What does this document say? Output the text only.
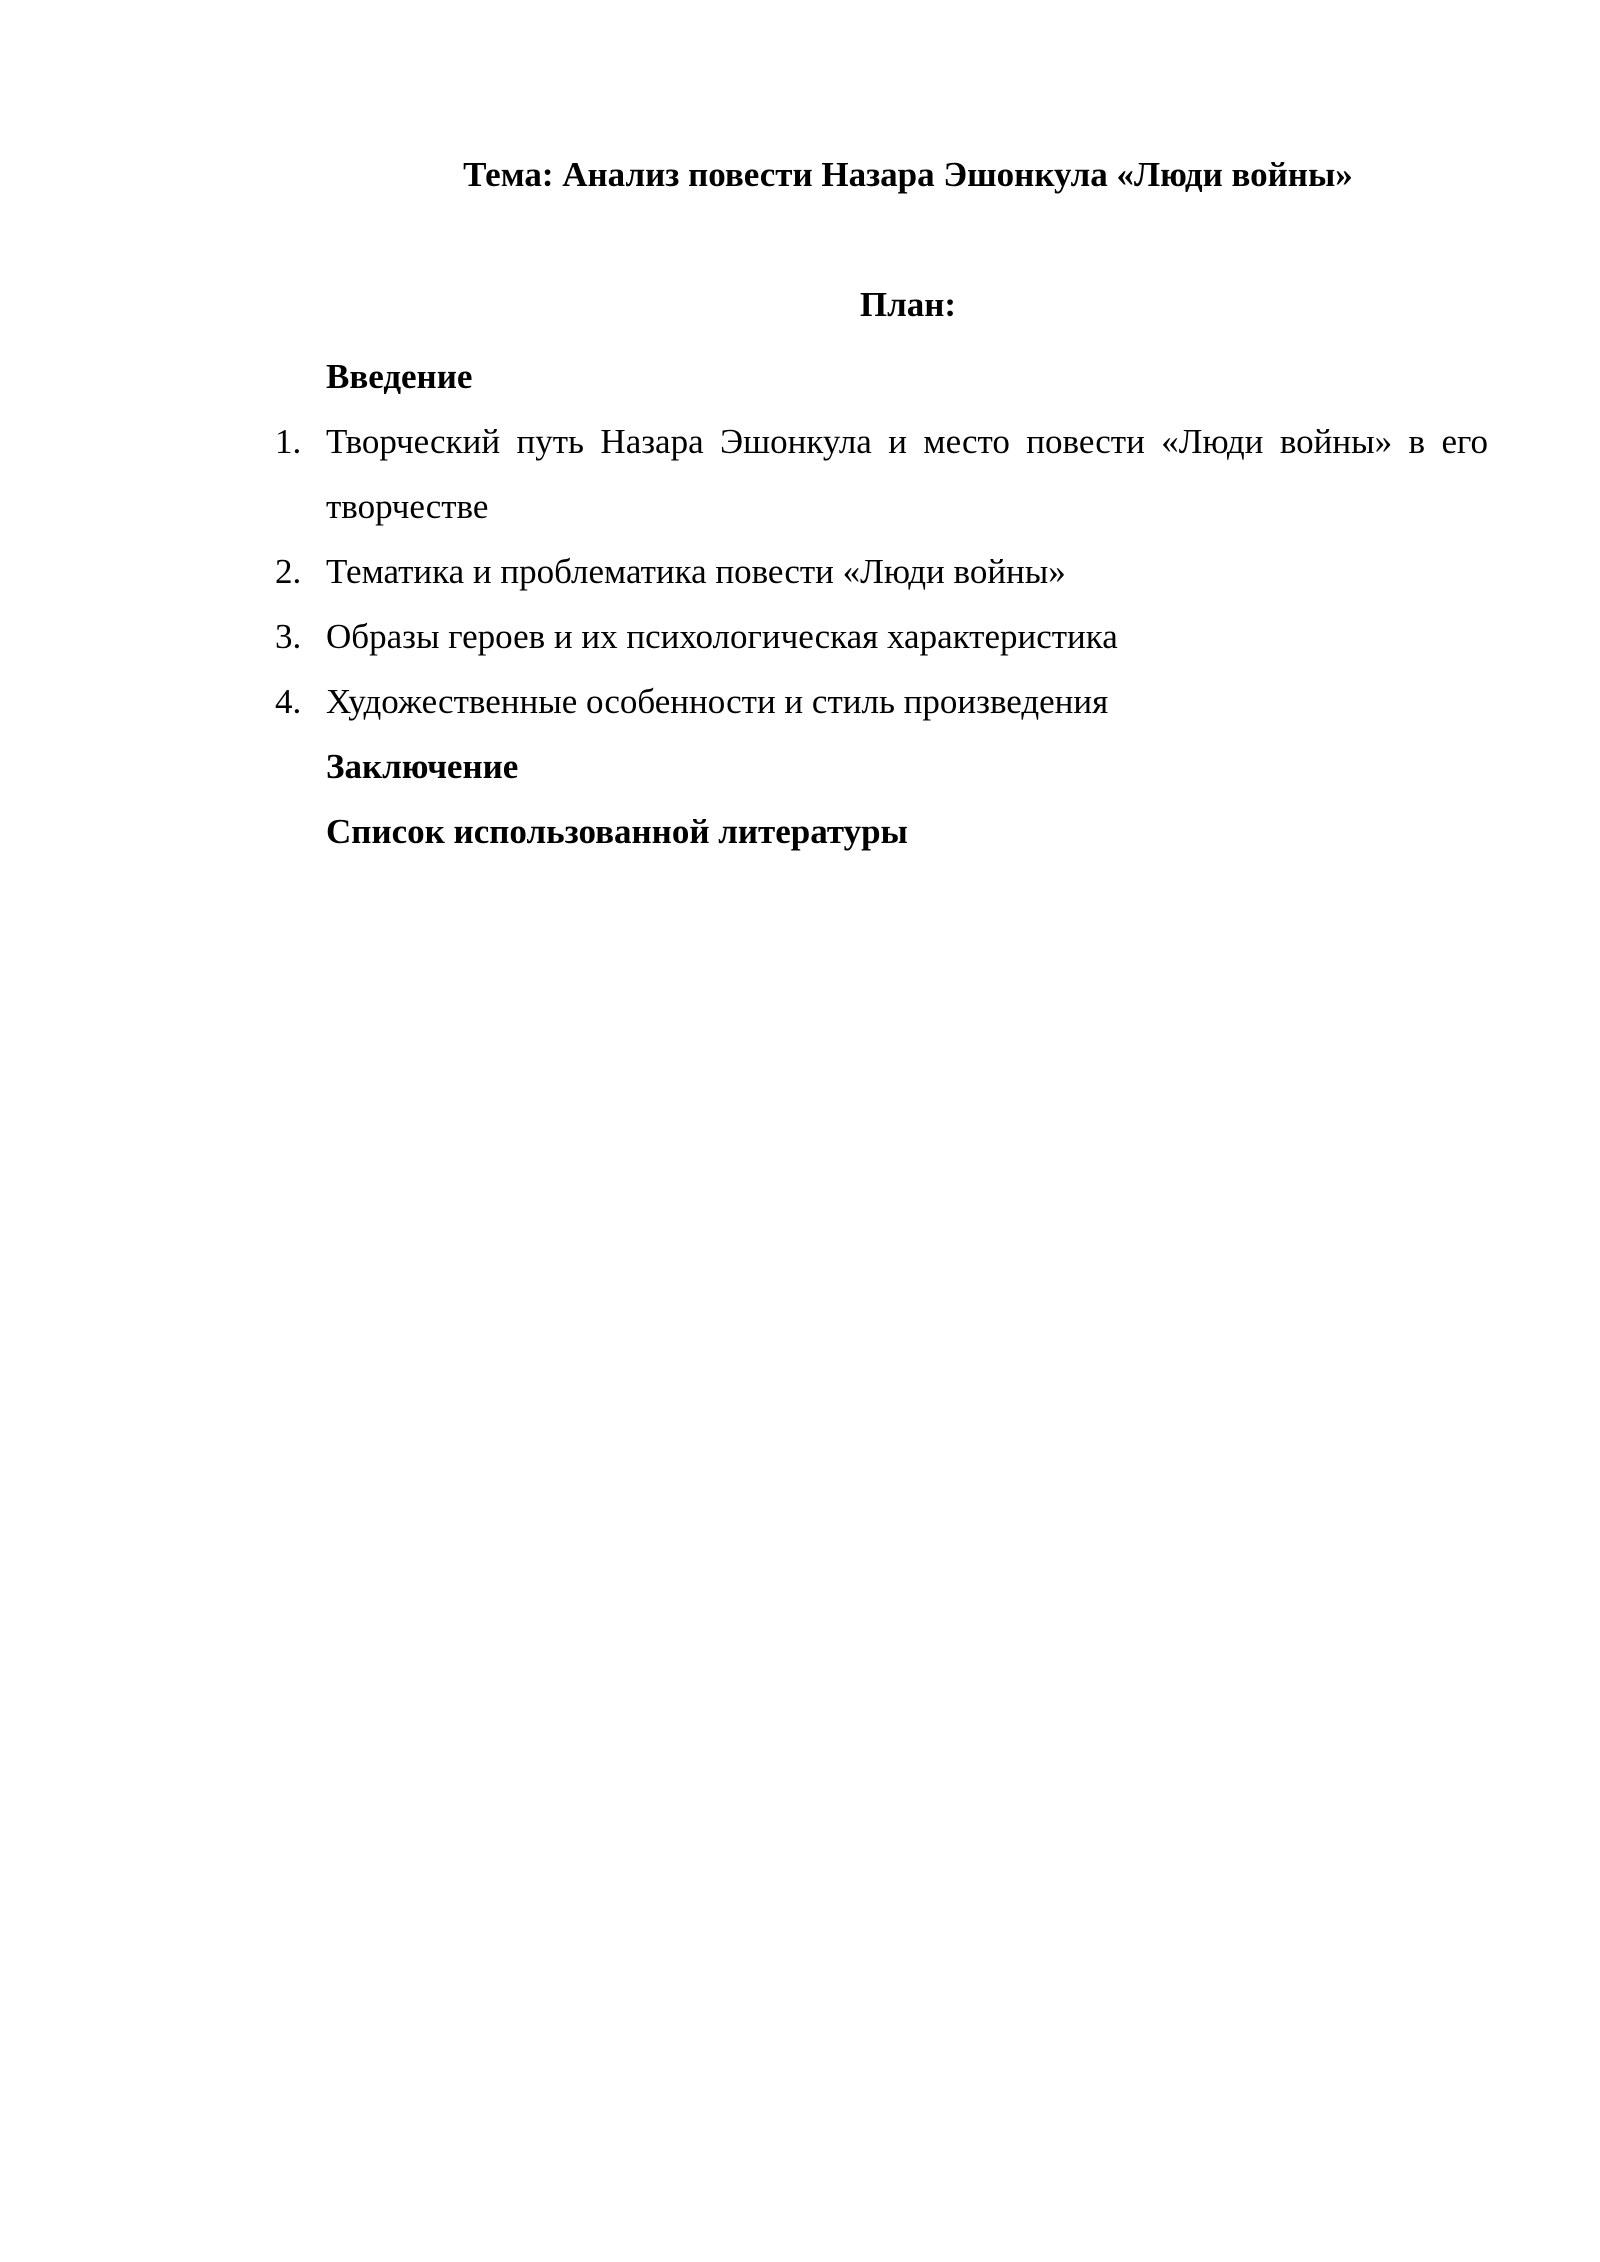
Тема: Анализ повести Назара Эшонкула «Люди войны»
План:
Введение
1. Творческий путь Назара Эшонкула и место повести «Люди войны» в его творчестве
2. Тематика и проблематика повести «Люди войны»
3. Образы героев и их психологическая характеристика
4. Художественные особенности и стиль произведения
Заключение
Список использованной литературы
